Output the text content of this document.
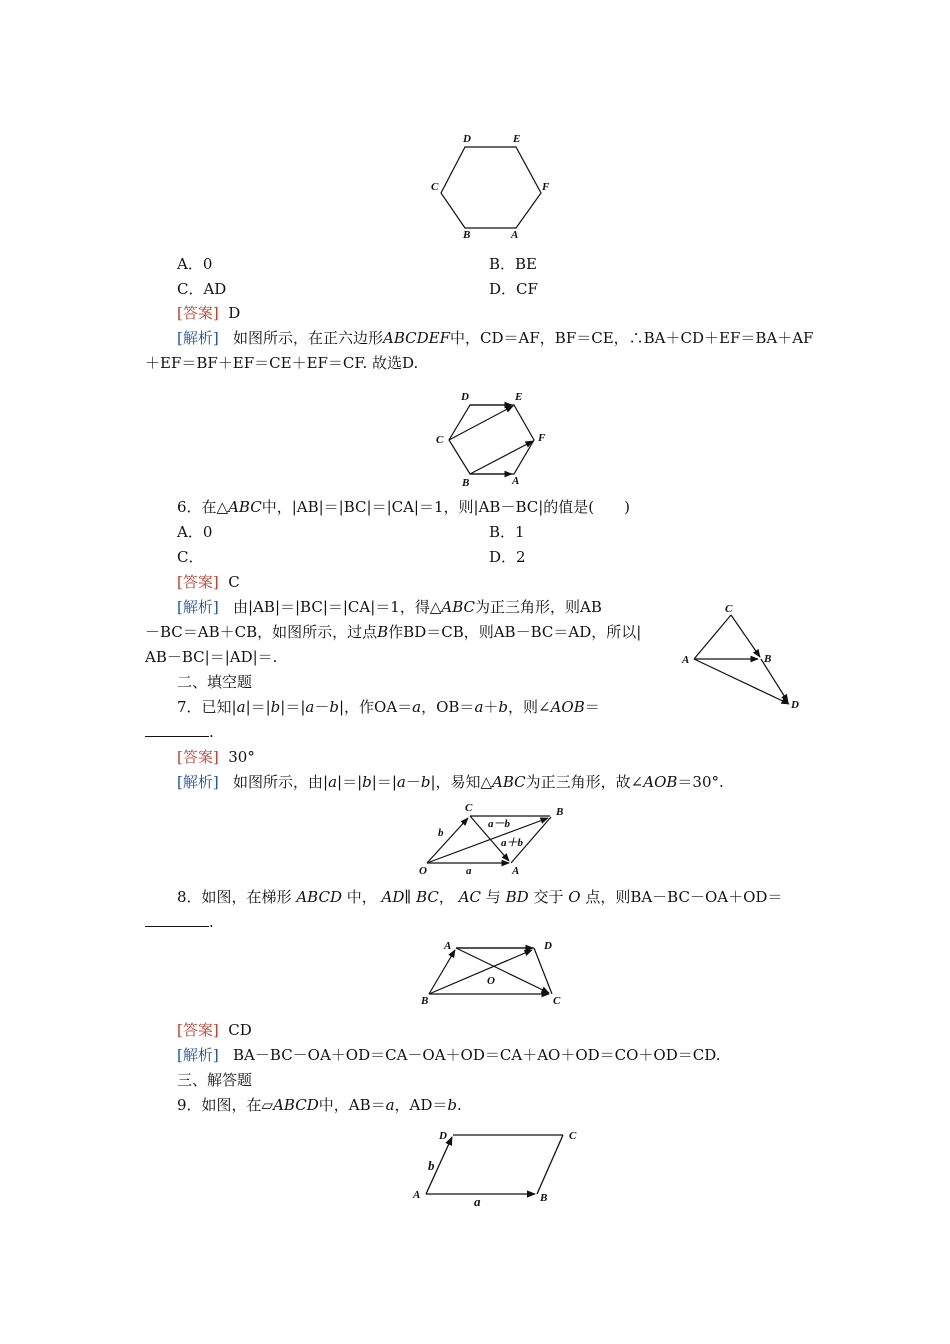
D	E
F
A
B
C
A．0	B．BE
C．AD	D．CF
[答案] D
[解析] 如图所示，在正六边形ABCDEF中，CD＝AF，BF＝CE，∴BA＋CD＋EF＝BA＋AF
＋EF＝BF＋EF＝CE＋EF＝CF. 故选D.
D	E
F
A
B
C
6．在△ABC中，|AB|＝|BC|＝|CA|＝1，则|AB－BC|的值是(　　)
A．0	B．1
C．	D．2
[答案] C
[解析] 由|AB|＝|BC|＝|CA|＝1，得△ABC为正三角形，则AB
－BC＝AB＋CB，如图所示，过点B作BD＝CB，则AB－BC＝AD，所以|
AB－BC|＝|AD|＝.
C
A	B
D
二、填空题
7．已知|a|＝|b|＝|a－b|，作OA＝a，OB＝a＋b，则∠AOB＝
.
[答案] 30°
[解析] 如图所示，由|a|＝|b|＝|a－b|，易知△ABC为正三角形，故∠AOB＝30°.
C	B
O	A
b
a
a－b
a＋b
8．如图，在梯形 ABCD 中， AD∥ BC， AC 与 BD 交于 O 点，则BA－BC－OA＋OD＝
.
A	D
O
B	C
[答案] CD
[解析] BA－BC－OA＋OD＝CA－OA＋OD＝CA＋AO＋OD＝CO＋OD＝CD.
三、解答题
9．如图，在▱ABCD中，AB＝a，AD＝b.
D	C
A	B
b
a
